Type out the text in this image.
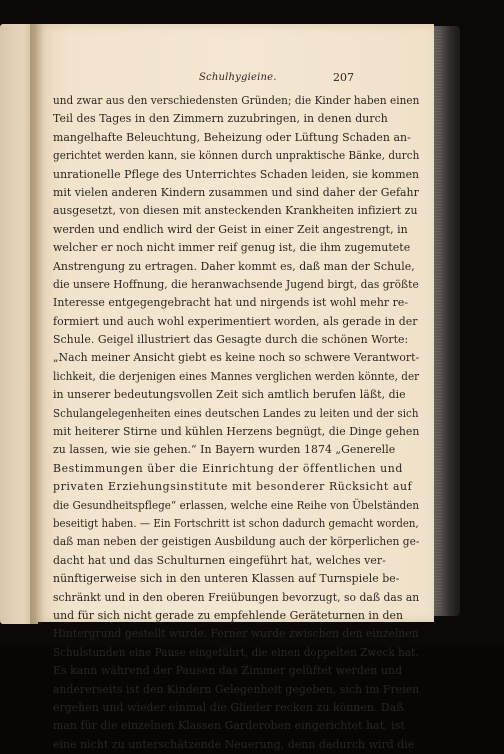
Schulhygieine.	207
und zwar aus den verschiedensten Gründen; die Kinder haben einen
Teil des Tages in den Zimmern zuzubringen, in denen durch
mangelhafte Beleuchtung, Beheizung oder Lüftung Schaden an-
gerichtet werden kann, sie können durch unpraktische Bänke, durch
unrationelle Pflege des Unterrichtes Schaden leiden, sie kommen
mit vielen anderen Kindern zusammen und sind daher der Gefahr
ausgesetzt, von diesen mit ansteckenden Krankheiten infiziert zu
werden und endlich wird der Geist in einer Zeit angestrengt, in
welcher er noch nicht immer reif genug ist, die ihm zugemutete
Anstrengung zu ertragen. Daher kommt es, daß man der Schule,
die unsere Hoffnung, die heranwachsende Jugend birgt, das größte
Interesse entgegengebracht hat und nirgends ist wohl mehr re-
formiert und auch wohl experimentiert worden, als gerade in der
Schule. Geigel illustriert das Gesagte durch die schönen Worte:
„Nach meiner Ansicht giebt es keine noch so schwere Verantwort-
lichkeit, die derjenigen eines Mannes verglichen werden könnte, der
in unserer bedeutungsvollen Zeit sich amtlich berufen läßt, die
Schulangelegenheiten eines deutschen Landes zu leiten und der sich
mit heiterer Stirne und kühlen Herzens begnügt, die Dinge gehen
zu lassen, wie sie gehen.“ In Bayern wurden 1874 „Generelle
Bestimmungen über die Einrichtung der öffentlichen und
privaten Erziehungsinstitute mit besonderer Rücksicht auf
die Gesundheitspflege“ erlassen, welche eine Reihe von Übelständen
beseitigt haben. — Ein Fortschritt ist schon dadurch gemacht worden,
daß man neben der geistigen Ausbildung auch der körperlichen ge-
dacht hat und das Schulturnen eingeführt hat, welches ver-
nünftigerweise sich in den unteren Klassen auf Turnspiele be-
schränkt und in den oberen Freiübungen bevorzugt, so daß das an
und für sich nicht gerade zu empfehlende Geräteturnen in den
Hintergrund gestellt wurde. Ferner wurde zwischen den einzelnen
Schulstunden eine Pause eingeführt, die einen doppelten Zweck hat.
Es kann während der Pausen das Zimmer gelüftet werden und
andererseits ist den Kindern Gelegenheit gegeben, sich im Freien
ergehen und wieder einmal die Glieder recken zu können. Daß
man für die einzelnen Klassen Garderoben eingerichtet hat, ist
eine nicht zu unterschätzende Neuerung, denn dadurch wird die
